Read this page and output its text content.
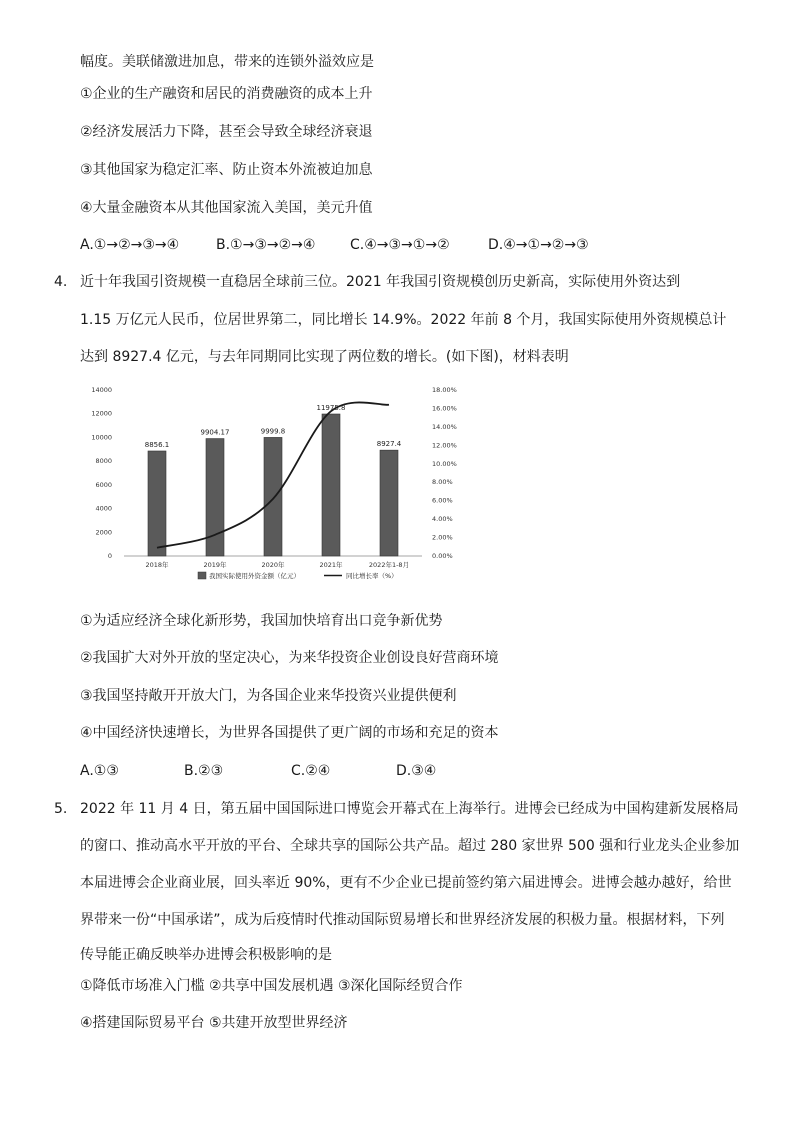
幅度。美联储激进加息，带来的连锁外溢效应是
①企业的生产融资和居民的消费融资的成本上升
②经济发展活力下降，甚至会导致全球经济衰退
③其他国家为稳定汇率、防止资本外流被迫加息
④大量金融资本从其他国家流入美国，美元升值
A.①→②→③→④	B.①→③→②→④ C.④→③→①→②	D.④→①→②→③
4. 近十年我国引资规模一直稳居全球前三位。2021 年我国引资规模创历史新高，实际使用外资达到
1.15 万亿元人民币，位居世界第二，同比增长 14.9%。2022 年前 8 个月，我国实际使用外资规模总计
达到 8927.4 亿元，与去年同期同比实现了两位数的增长。(如下图)，材料表明
0
2000
4000
6000
8000
10000
12000
14000
0.00%
2.00%
4.00%
6.00%
8.00%
10.00%
12.00%
14.00%
16.00%
18.00%
8856.1
2018年
9904.17
2019年
9999.8
2020年
11975.8
2021年
8927.4
2022年1-8月
我国实际使用外资金额（亿元）	同比增长率（%）
①为适应经济全球化新形势，我国加快培育出口竞争新优势
②我国扩大对外开放的坚定决心，为来华投资企业创设良好营商环境
③我国坚持敞开开放大门，为各国企业来华投资兴业提供便利
④中国经济快速增长，为世界各国提供了更广阔的市场和充足的资本
A.①③	B.②③	C.②④	D.③④
5. 2022 年 11 月 4 日，第五届中国国际进口博览会开幕式在上海举行。进博会已经成为中国构建新发展格局
的窗口、推动高水平开放的平台、全球共享的国际公共产品。超过 280 家世界 500 强和行业龙头企业参加
本届进博会企业商业展，回头率近 90%，更有不少企业已提前签约第六届进博会。进博会越办越好，给世
界带来一份“中国承诺”，成为后疫情时代推动国际贸易增长和世界经济发展的积极力量。根据材料，下列
传导能正确反映举办进博会积极影响的是
①降低市场准入门槛 ②共享中国发展机遇 ③深化国际经贸合作
④搭建国际贸易平台 ⑤共建开放型世界经济
